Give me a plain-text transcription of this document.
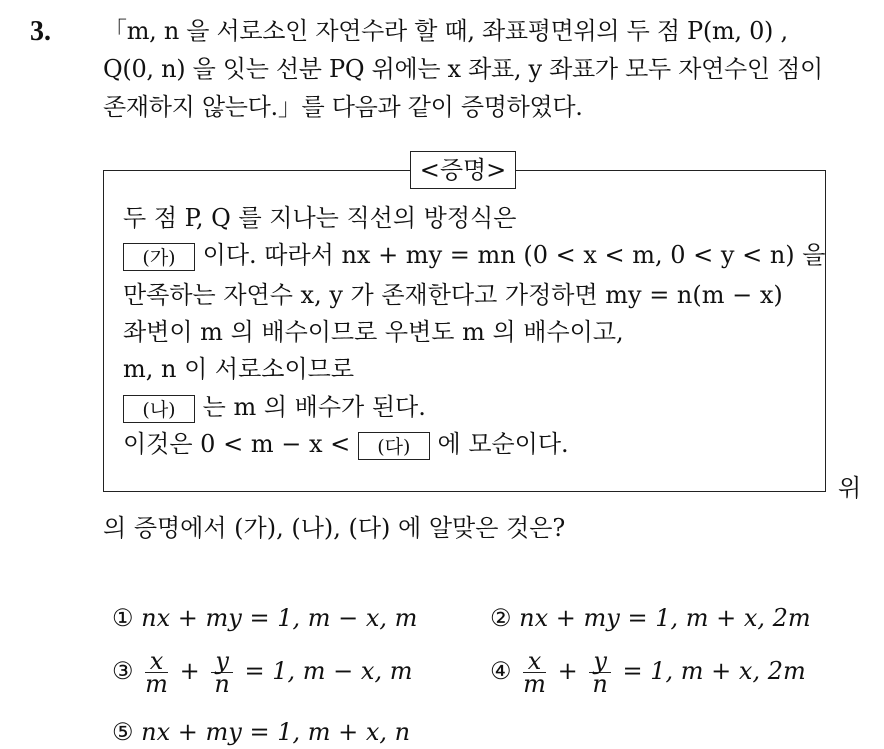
3. 「m, n 을 서로소인 자연수라 할 때, 좌표평면위의 두 점 P(m, 0) ,
Q(0, n) 을 잇는 선분 PQ 위에는 x 좌표, y 좌표가 모두 자연수인 점이
존재하지 않는다.」를 다음과 같이 증명하였다.
<증명>
두 점 P, Q 를 지나는 직선의 방정식은
(가) 이다. 따라서 nx + my = mn (0 < x < m, 0 < y < n) 을
만족하는 자연수 x, y 가 존재한다고 가정하면 my = n(m − x)
좌변이 m 의 배수이므로 우변도 m 의 배수이고,
m, n 이 서로소이므로
(나) 는 m 의 배수가 된다.
이것은 0 < m − x < (다) 에 모순이다.
위
의 증명에서 (가), (나), (다) 에 알맞은 것은?
① nx + my = 1, m − x, m	② nx + my = 1, m + x, 2m
③ $\frac{x}{m} + \frac{y}{n} = 1$, m − x, m	④ $\frac{x}{m} + \frac{y}{n} = 1$, m + x, 2m
⑤ nx + my = 1, m + x, n
